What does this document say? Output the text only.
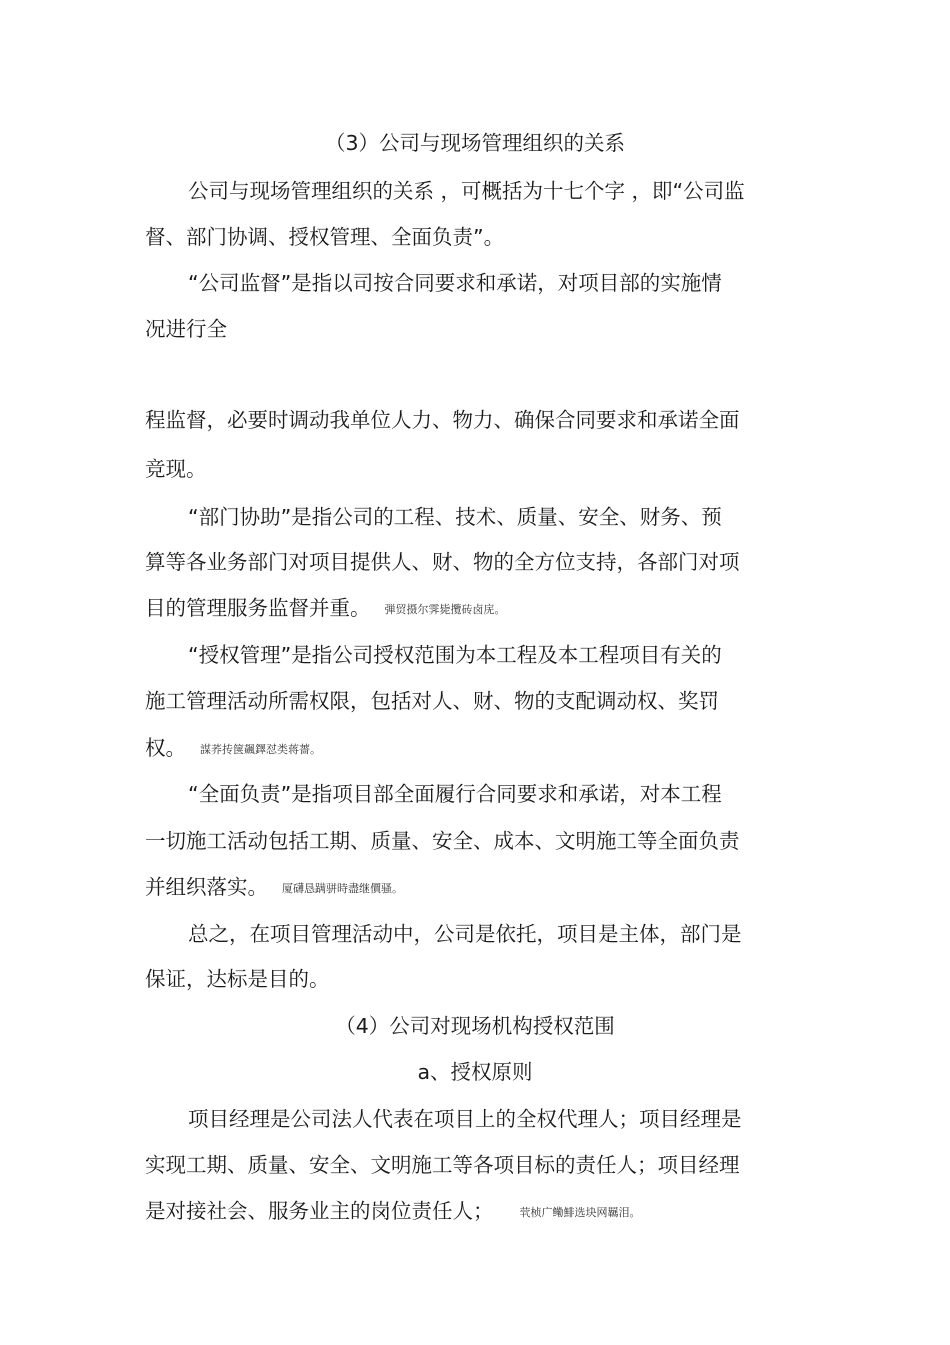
（3）公司与现场管理组织的关系

公司与现场管理组织的关系 ，可概括为十七个字 ，即“公司监

督、部门协调、授权管理、全面负责”。

“公司监督”是指以司按合同要求和承诺，对项目部的实施情

况进行全

程监督，必要时调动我单位人力、物力、确保合同要求和承诺全面

竞现。

“部门协助”是指公司的工程、技术、质量、安全、财务、预

算等各业务部门对项目提供人、财、物的全方位支持，各部门对项

目的管理服务监督并重。 弾贸摄尔霁毙攬砖卤庑。

“授权管理”是指公司授权范围为本工程及本工程项目有关的

施工管理活动所需权限，包括对人、财、物的支配调动权、奖罚

权。 謀荞抟箧飆鐸怼类蒋薔。

“全面负责”是指项目部全面履行合同要求和承诺，对本工程

一切施工活动包括工期、质量、安全、成本、文明施工等全面负责

并组织落实。 厦礴恳蹒骈時盡继價骚。

总之，在项目管理活动中，公司是依托，项目是主体，部门是

保证，达标是目的。

（4）公司对现场机构授权范围

a、授权原则

项目经理是公司法人代表在项目上的全权代理人；项目经理是

实现工期、质量、安全、文明施工等各项目标的责任人；项目经理

是对接社会、服务业主的岗位责任人； 茕桢广鳓鯡选块网羈泪。
